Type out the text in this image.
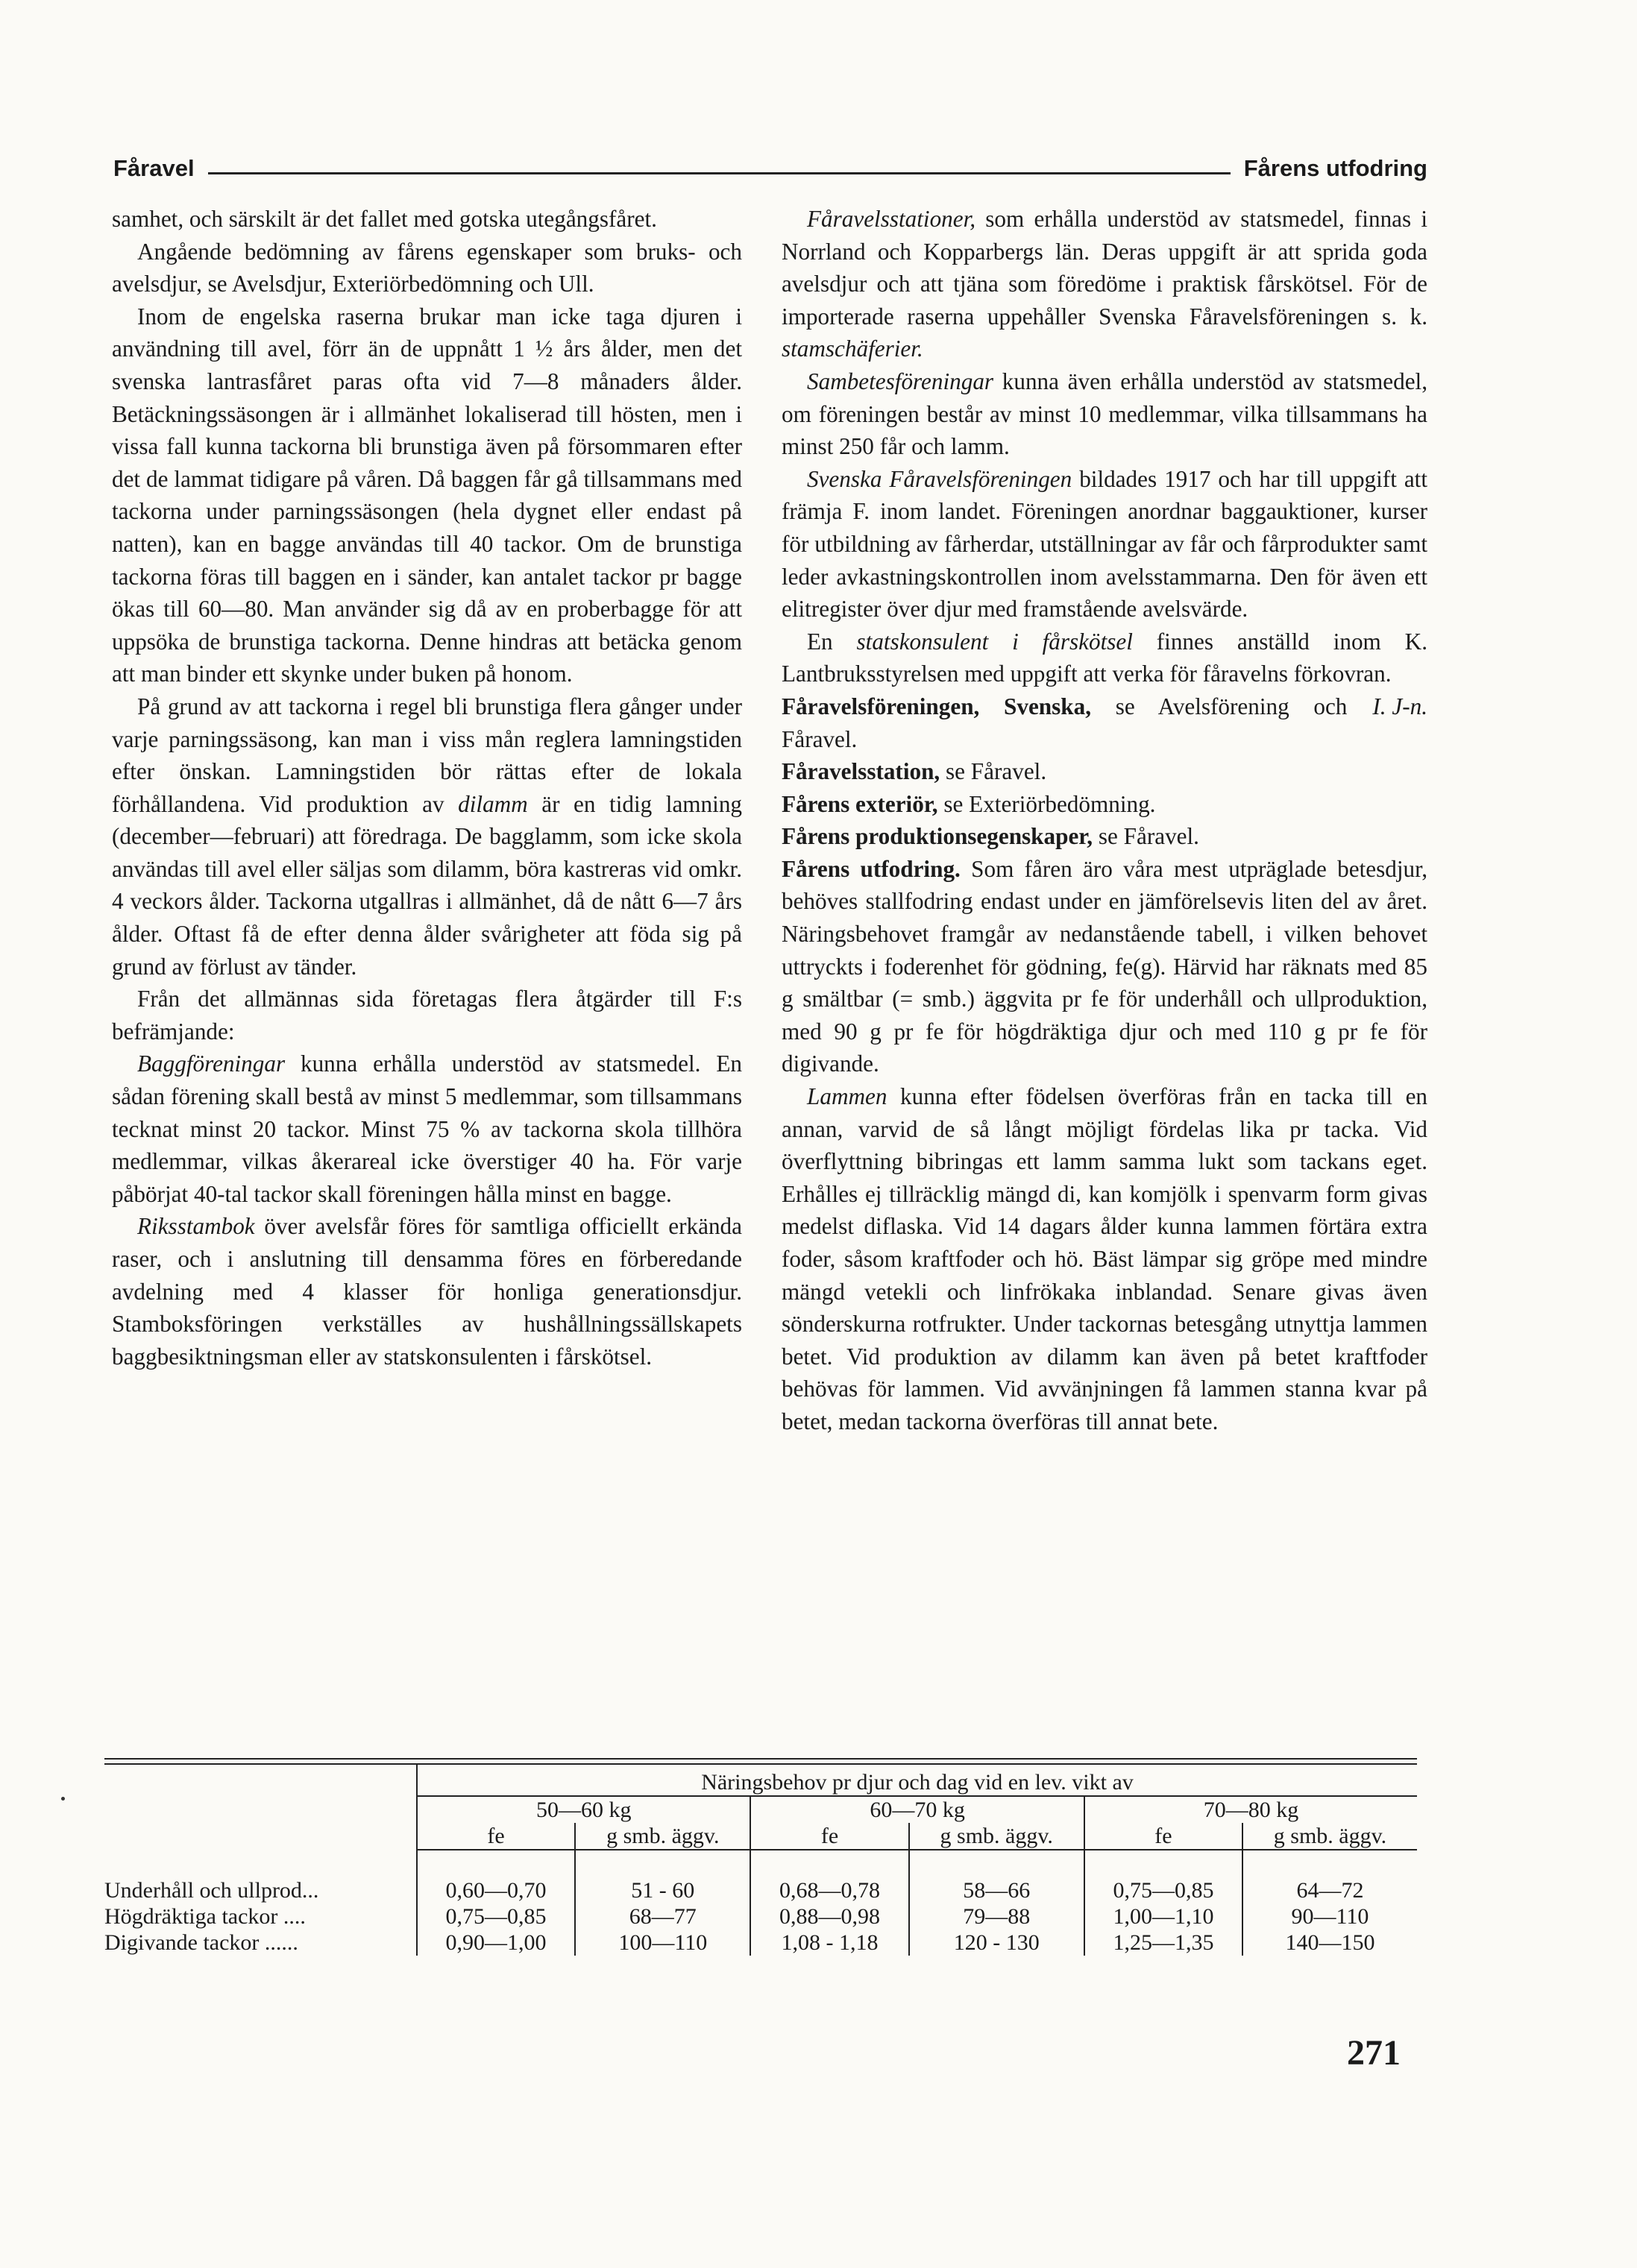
Fåravel	Fårens utfodring

samhet, och särskilt är det fallet med gotska utegångsfåret.

Angående bedömning av fårens egenskaper som bruks- och avelsdjur, se Avelsdjur, Exteriörbedömning och Ull.

Inom de engelska raserna brukar man icke taga djuren i användning till avel, förr än de uppnått 1 ½ års ålder, men det svenska lantrasfåret paras ofta vid 7—8 månaders ålder. Betäckningssäsongen är i allmänhet lokaliserad till hösten, men i vissa fall kunna tackorna bli brunstiga även på försommaren efter det de lammat tidigare på våren. Då baggen får gå tillsammans med tackorna under parningssäsongen (hela dygnet eller endast på natten), kan en bagge användas till 40 tackor. Om de brunstiga tackorna föras till baggen en i sänder, kan antalet tackor pr bagge ökas till 60—80. Man använder sig då av en proberbagge för att uppsöka de brunstiga tackorna. Denne hindras att betäcka genom att man binder ett skynke under buken på honom.

På grund av att tackorna i regel bli brunstiga flera gånger under varje parningssäsong, kan man i viss mån reglera lamningstiden efter önskan. Lamningstiden bör rättas efter de lokala förhållandena. Vid produktion av dilamm är en tidig lamning (december—februari) att föredraga. De bagglamm, som icke skola användas till avel eller säljas som dilamm, böra kastreras vid omkr. 4 veckors ålder. Tackorna utgallras i allmänhet, då de nått 6—7 års ålder. Oftast få de efter denna ålder svårigheter att föda sig på grund av förlust av tänder.

Från det allmännas sida företagas flera åtgärder till F:s befrämjande:

Baggföreningar kunna erhålla understöd av statsmedel. En sådan förening skall bestå av minst 5 medlemmar, som tillsammans tecknat minst 20 tackor. Minst 75 % av tackorna skola tillhöra medlemmar, vilkas åkerareal icke överstiger 40 ha. För varje påbörjat 40-tal tackor skall föreningen hålla minst en bagge.

Riksstambok över avelsfår föres för samtliga officiellt erkända raser, och i anslutning till densamma föres en förberedande avdelning med 4 klasser för honliga generationsdjur. Stamboksföringen verkställes av hushållningssällskapets baggbesiktningsman eller av statskonsulenten i fårskötsel.

Fåravelsstationer, som erhålla understöd av statsmedel, finnas i Norrland och Kopparbergs län. Deras uppgift är att sprida goda avelsdjur och att tjäna som föredöme i praktisk fårskötsel. För de importerade raserna uppehåller Svenska Fåravelsföreningen s. k. stamschäferier.

Sambetesföreningar kunna även erhålla understöd av statsmedel, om föreningen består av minst 10 medlemmar, vilka tillsammans ha minst 250 får och lamm.

Svenska Fåravelsföreningen bildades 1917 och har till uppgift att främja F. inom landet. Föreningen anordnar baggauktioner, kurser för utbildning av fårherdar, utställningar av får och fårprodukter samt leder avkastningskontrollen inom avelsstammarna. Den för även ett elitregister över djur med framstående avelsvärde.

En statskonsulent i fårskötsel finnes anställd inom K. Lantbruksstyrelsen med uppgift att verka för fåravelns förkovran.
I. J-n.

Fåravelsföreningen, Svenska, se Avelsförening och Fåravel.

Fåravelsstation, se Fåravel.

Fårens exteriör, se Exteriörbedömning.

Fårens produktionsegenskaper, se Fåravel.

Fårens utfodring. Som fåren äro våra mest utpräglade betesdjur, behöves stallfodring endast under en jämförelsevis liten del av året. Näringsbehovet framgår av nedanstående tabell, i vilken behovet uttryckts i foderenhet för gödning, fe(g). Härvid har räknats med 85 g smältbar (= smb.) äggvita pr fe för underhåll och ullproduktion, med 90 g pr fe för högdräktiga djur och med 110 g pr fe för digivande.

Lammen kunna efter födelsen överföras från en tacka till en annan, varvid de så långt möjligt fördelas lika pr tacka. Vid överflyttning bibringas ett lamm samma lukt som tackans eget. Erhålles ej tillräcklig mängd di, kan komjölk i spenvarm form givas medelst diflaska. Vid 14 dagars ålder kunna lammen förtära extra foder, såsom kraftfoder och hö. Bäst lämpar sig gröpe med mindre mängd vetekli och linfrökaka inblandad. Senare givas även sönderskurna rotfrukter. Under tackornas betesgång utnyttja lammen betet. Vid produktion av dilamm kan även på betet kraftfoder behövas för lammen. Vid avvänjningen få lammen stanna kvar på betet, medan tackorna överföras till annat bete.

	Näringsbehov pr djur och dag vid en lev. vikt av					
	50—60 kg		60—70 kg		70—80 kg	
	fe	g smb. äggv.	fe	g smb. äggv.	fe	g smb. äggv.

Underhåll och ullprod...	0,60—0,70	51 - 60	0,68—0,78	58—66	0,75—0,85	64—72
Högdräktiga tackor ....	0,75—0,85	68—77	0,88—0,98	79—88	1,00—1,10	90—110
Digivande tackor ......	0,90—1,00	100—110	1,08 - 1,18	120 - 130	1,25—1,35	140—150
271
